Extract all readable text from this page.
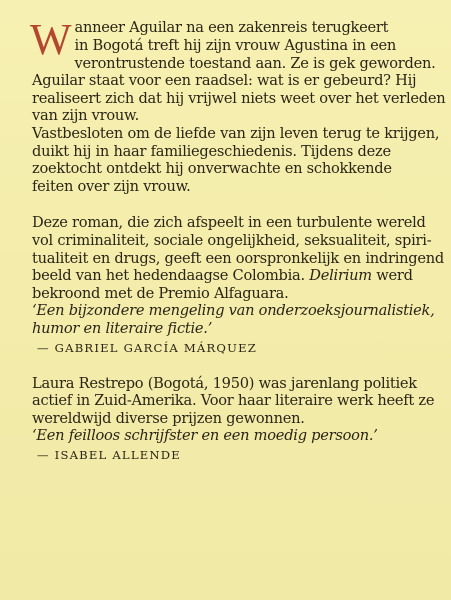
W anneer Aguilar na een zakenreis terugkeert
in Bogotá treft hij zijn vrouw Agustina in een
verontrustende toestand aan. Ze is gek geworden.
Aguilar staat voor een raadsel: wat is er gebeurd? Hij
realiseert zich dat hij vrijwel niets weet over het verleden
van zijn vrouw.
Vastbesloten om de liefde van zijn leven terug te krijgen,
duikt hij in haar familiegeschiedenis. Tijdens deze
zoektocht ontdekt hij onverwachte en schokkende
feiten over zijn vrouw.
Deze roman, die zich afspeelt in een turbulente wereld
vol criminaliteit, sociale ongelijkheid, seksualiteit, spiri-
tualiteit en drugs, geeft een oorspronkelijk en indringend
beeld van het hedendaagse Colombia. Delirium werd
bekroond met de Premio Alfaguara.
‘Een bijzondere mengeling van onderzoeksjournalistiek,
humor en literaire fictie.’
— GABRIEL GARCÍA MÁRQUEZ
Laura Restrepo (Bogotá, 1950) was jarenlang politiek
actief in Zuid-Amerika. Voor haar literaire werk heeft ze
wereldwijd diverse prijzen gewonnen.
‘Een feilloos schrijfster en een moedig persoon.’
— ISABEL ALLENDE
